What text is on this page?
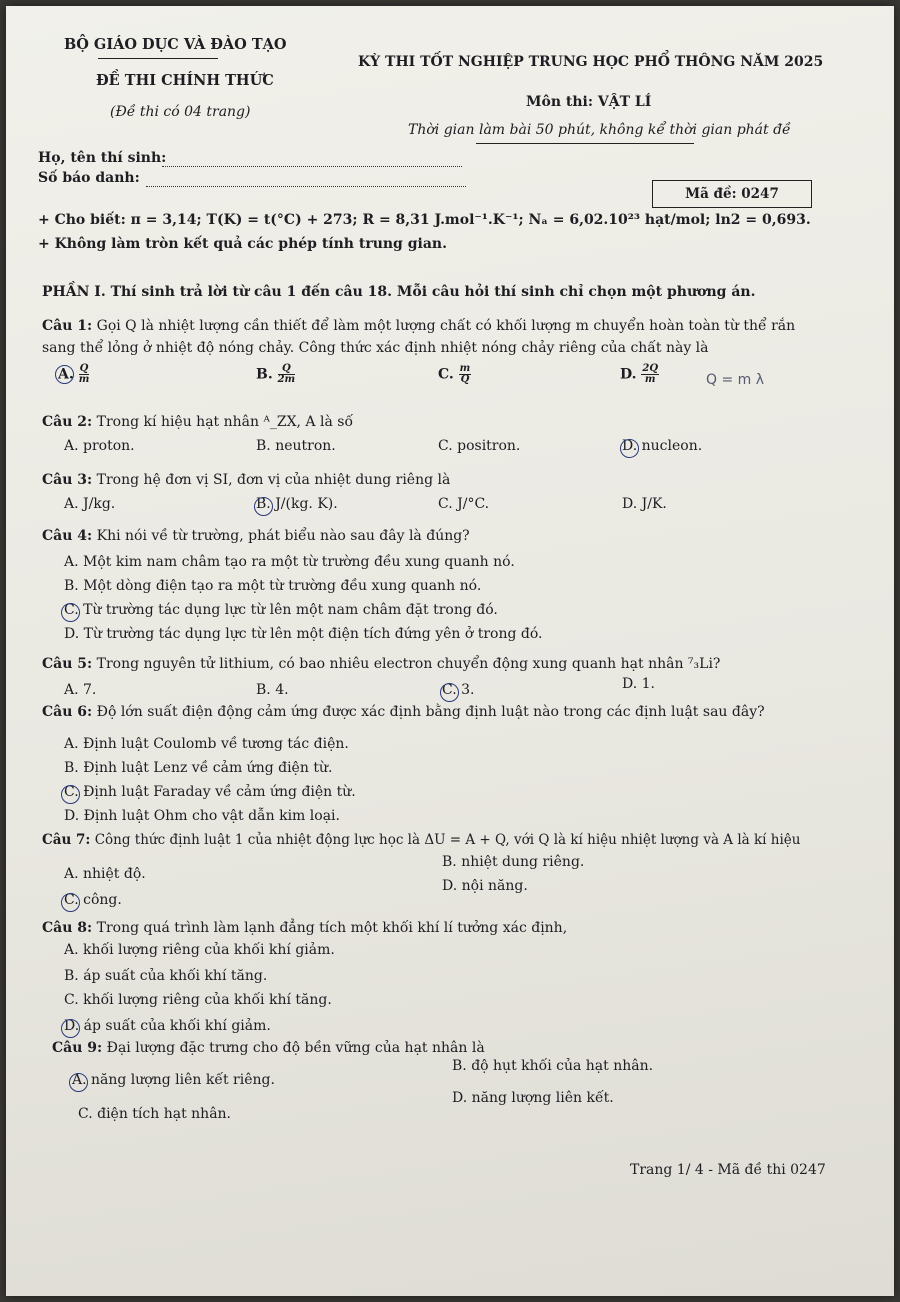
BỘ GIÁO DỤC VÀ ĐÀO TẠO
ĐỀ THI CHÍNH THỨC
(Đề thi có 04 trang)
KỲ THI TỐT NGHIỆP TRUNG HỌC PHỔ THÔNG NĂM 2025
Môn thi: VẬT LÍ
Thời gian làm bài 50 phút, không kể thời gian phát đề
Họ, tên thí sinh:
Số báo danh:
Mã đề: 0247
+ Cho biết: π = 3,14; T(K) = t(°C) + 273; R = 8,31 J.mol⁻¹.K⁻¹; Nₐ = 6,02.10²³ hạt/mol; ln2 = 0,693.
+ Không làm tròn kết quả các phép tính trung gian.
PHẦN I. Thí sinh trả lời từ câu 1 đến câu 18. Mỗi câu hỏi thí sinh chỉ chọn một phương án.
Câu 1: Gọi Q là nhiệt lượng cần thiết để làm một lượng chất có khối lượng m chuyển hoàn toàn từ thể rắn
sang thể lỏng ở nhiệt độ nóng chảy. Công thức xác định nhiệt nóng chảy riêng của chất này là
A. $\frac{Q}{m}$	B. $\frac{Q}{2m}$	C. $\frac{m}{Q}$	D. $\frac{2Q}{m}$	Q = m λ
Câu 2: Trong kí hiệu hạt nhân ᴬ_ZX, A là số
A. proton.	B. neutron.	C. positron.	D. nucleon.
Câu 3: Trong hệ đơn vị SI, đơn vị của nhiệt dung riêng là
A. J/kg.	B. J/(kg. K).	C. J/°C.	D. J/K.
Câu 4: Khi nói về từ trường, phát biểu nào sau đây là đúng?
A. Một kim nam châm tạo ra một từ trường đều xung quanh nó.
B. Một dòng điện tạo ra một từ trường đều xung quanh nó.
C. Từ trường tác dụng lực từ lên một nam châm đặt trong đó.
D. Từ trường tác dụng lực từ lên một điện tích đứng yên ở trong đó.
Câu 5: Trong nguyên tử lithium, có bao nhiêu electron chuyển động xung quanh hạt nhân ⁷₃Li?
A. 7.	B. 4.	C. 3.	D. 1.
Câu 6: Độ lớn suất điện động cảm ứng được xác định bằng định luật nào trong các định luật sau đây?
A. Định luật Coulomb về tương tác điện.
B. Định luật Lenz về cảm ứng điện từ.
C. Định luật Faraday về cảm ứng điện từ.
D. Định luật Ohm cho vật dẫn kim loại.
Câu 7: Công thức định luật 1 của nhiệt động lực học là ΔU = A + Q, với Q là kí hiệu nhiệt lượng và A là kí hiệu
A. nhiệt độ.
B. nhiệt dung riêng.
C. công.
D. nội năng.
Câu 8: Trong quá trình làm lạnh đẳng tích một khối khí lí tưởng xác định,
A. khối lượng riêng của khối khí giảm.
B. áp suất của khối khí tăng.
C. khối lượng riêng của khối khí tăng.
D. áp suất của khối khí giảm.
Câu 9: Đại lượng đặc trưng cho độ bền vững của hạt nhân là
A. năng lượng liên kết riêng.
B. độ hụt khối của hạt nhân.
C. điện tích hạt nhân.
D. năng lượng liên kết.
Trang 1/ 4 - Mã đề thi 0247
